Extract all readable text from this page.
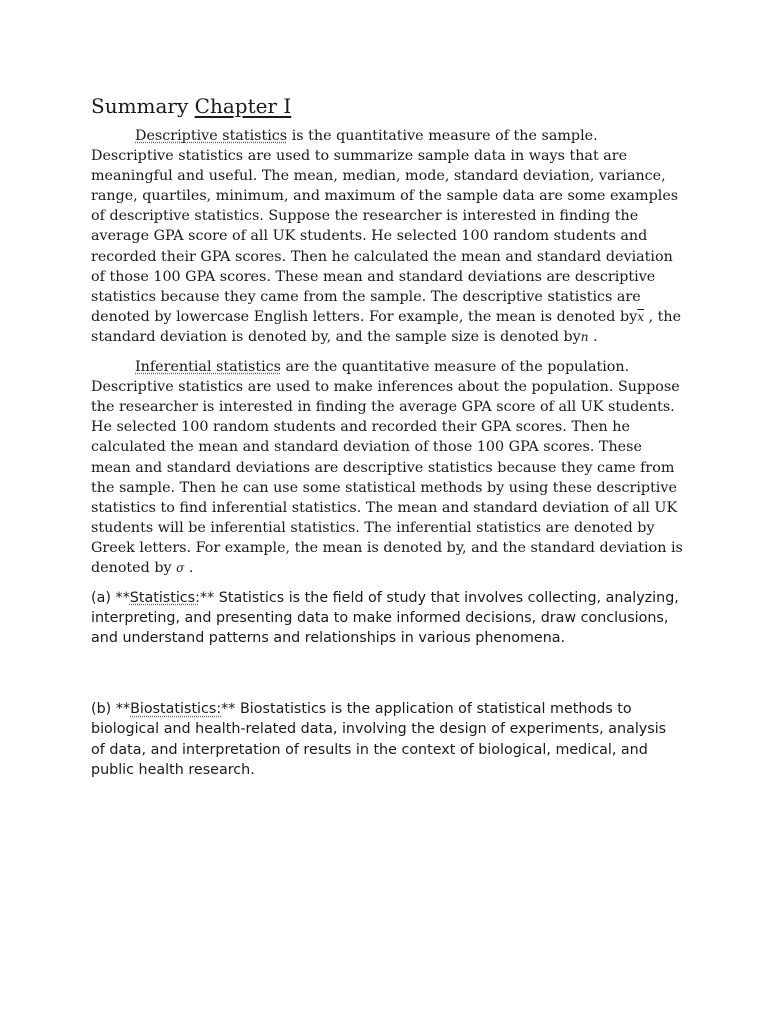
Summary Chapter I

Descriptive statistics is the quantitative measure of the sample. Descriptive statistics are used to summarize sample data in ways that are meaningful and useful. The mean, median, mode, standard deviation, variance, range, quartiles, minimum, and maximum of the sample data are some examples of descriptive statistics. Suppose the researcher is interested in finding the average GPA score of all UK students. He selected 100 random students and recorded their GPA scores. Then he calculated the mean and standard deviation of those 100 GPA scores. These mean and standard deviations are descriptive statistics because they came from the sample. The descriptive statistics are denoted by lowercase English letters. For example, the mean is denoted $by\overline{x}$ , the standard deviation is denoted by, and the sample size is denoted byn .

Inferential statistics are the quantitative measure of the population. Descriptive statistics are used to make inferences about the population. Suppose the researcher is interested in finding the average GPA score of all UK students. He selected 100 random students and recorded their GPA scores. Then he calculated the mean and standard deviation of those 100 GPA scores. These mean and standard deviations are descriptive statistics because they came from the sample. Then he can use some statistical methods by using these descriptive statistics to find inferential statistics. The mean and standard deviation of all UK students will be inferential statistics. The inferential statistics are denoted by Greek letters. For example, the mean is denoted by, and the standard deviation is denoted by σ .

(a) **Statistics:** Statistics is the field of study that involves collecting, analyzing, interpreting, and presenting data to make informed decisions, draw conclusions, and understand patterns and relationships in various phenomena.

(b) **Biostatistics:** Biostatistics is the application of statistical methods to biological and health-related data, involving the design of experiments, analysis of data, and interpretation of results in the context of biological, medical, and public health research.
